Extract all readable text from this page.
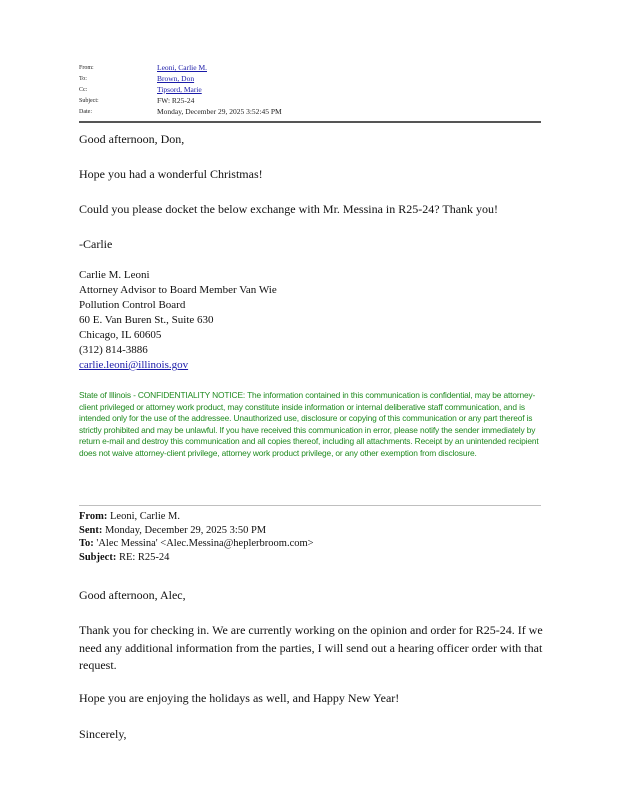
From:	Leoni, Carlie M.
To:	Brown, Don
Cc:	Tipsord, Marie
Subject:	FW: R25-24
Date:	Monday, December 29, 2025 3:52:45 PM
Good afternoon, Don,
Hope you had a wonderful Christmas!
Could you please docket the below exchange with Mr. Messina in R25-24? Thank you!
-Carlie
Carlie M. Leoni
Attorney Advisor to Board Member Van Wie
Pollution Control Board
60 E. Van Buren St., Suite 630
Chicago, IL 60605
(312) 814-3886
carlie.leoni@illinois.gov
State of Illinois - CONFIDENTIALITY NOTICE: The information contained in this communication is confidential, may be attorney-client privileged or attorney work product, may constitute inside information or internal deliberative staff communication, and is intended only for the use of the addressee. Unauthorized use, disclosure or copying of this communication or any part thereof is strictly prohibited and may be unlawful. If you have received this communication in error, please notify the sender immediately by return e-mail and destroy this communication and all copies thereof, including all attachments. Receipt by an unintended recipient does not waive attorney-client privilege, attorney work product privilege, or any other exemption from disclosure.
From: Leoni, Carlie M.
Sent: Monday, December 29, 2025 3:50 PM
To: 'Alec Messina' <Alec.Messina@heplerbroom.com>
Subject: RE: R25-24
Good afternoon, Alec,
Thank you for checking in. We are currently working on the opinion and order for R25-24. If we need any additional information from the parties, I will send out a hearing officer order with that request.
Hope you are enjoying the holidays as well, and Happy New Year!
Sincerely,
